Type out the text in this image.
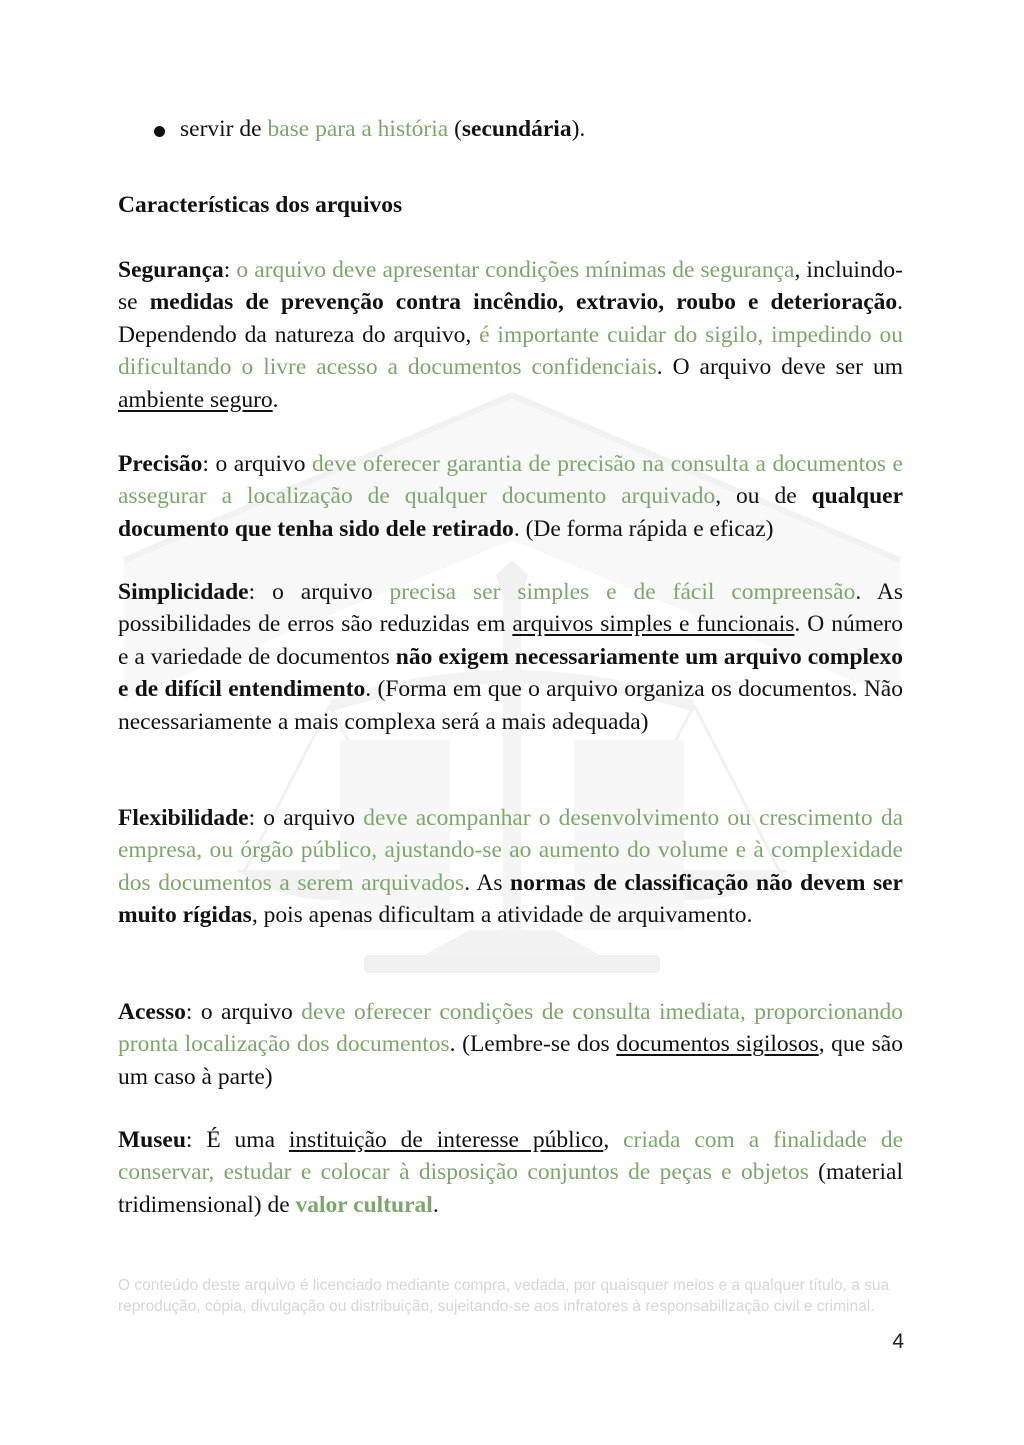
servir de base para a história (secundária).
Características dos arquivos

Segurança: o arquivo deve apresentar condições mínimas de segurança, incluindo-se medidas de prevenção contra incêndio, extravio, roubo e deterioração. Dependendo da natureza do arquivo, é importante cuidar do sigilo, impedindo ou dificultando o livre acesso a documentos confidenciais. O arquivo deve ser um ambiente seguro.

Precisão: o arquivo deve oferecer garantia de precisão na consulta a documentos e assegurar a localização de qualquer documento arquivado, ou de qualquer documento que tenha sido dele retirado. (De forma rápida e eficaz)

Simplicidade: o arquivo precisa ser simples e de fácil compreensão. As possibilidades de erros são reduzidas em arquivos simples e funcionais. O número e a variedade de documentos não exigem necessariamente um arquivo complexo e de difícil entendimento. (Forma em que o arquivo organiza os documentos. Não necessariamente a mais complexa será a mais adequada)

Flexibilidade: o arquivo deve acompanhar o desenvolvimento ou crescimento da empresa, ou órgão público, ajustando-se ao aumento do volume e à complexidade dos documentos a serem arquivados. As normas de classificação não devem ser muito rígidas, pois apenas dificultam a atividade de arquivamento.

Acesso: o arquivo deve oferecer condições de consulta imediata, proporcionando pronta localização dos documentos. (Lembre-se dos documentos sigilosos, que são um caso à parte)

Museu: É uma instituição de interesse público, criada com a finalidade de conservar, estudar e colocar à disposição conjuntos de peças e objetos (material tridimensional) de valor cultural.

O conteúdo deste arquivo é licenciado mediante compra, vedada, por quaisquer meios e a qualquer título, a sua reprodução, cópia, divulgação ou distribuição, sujeitando-se aos infratores à responsabilização civil e criminal.
4
